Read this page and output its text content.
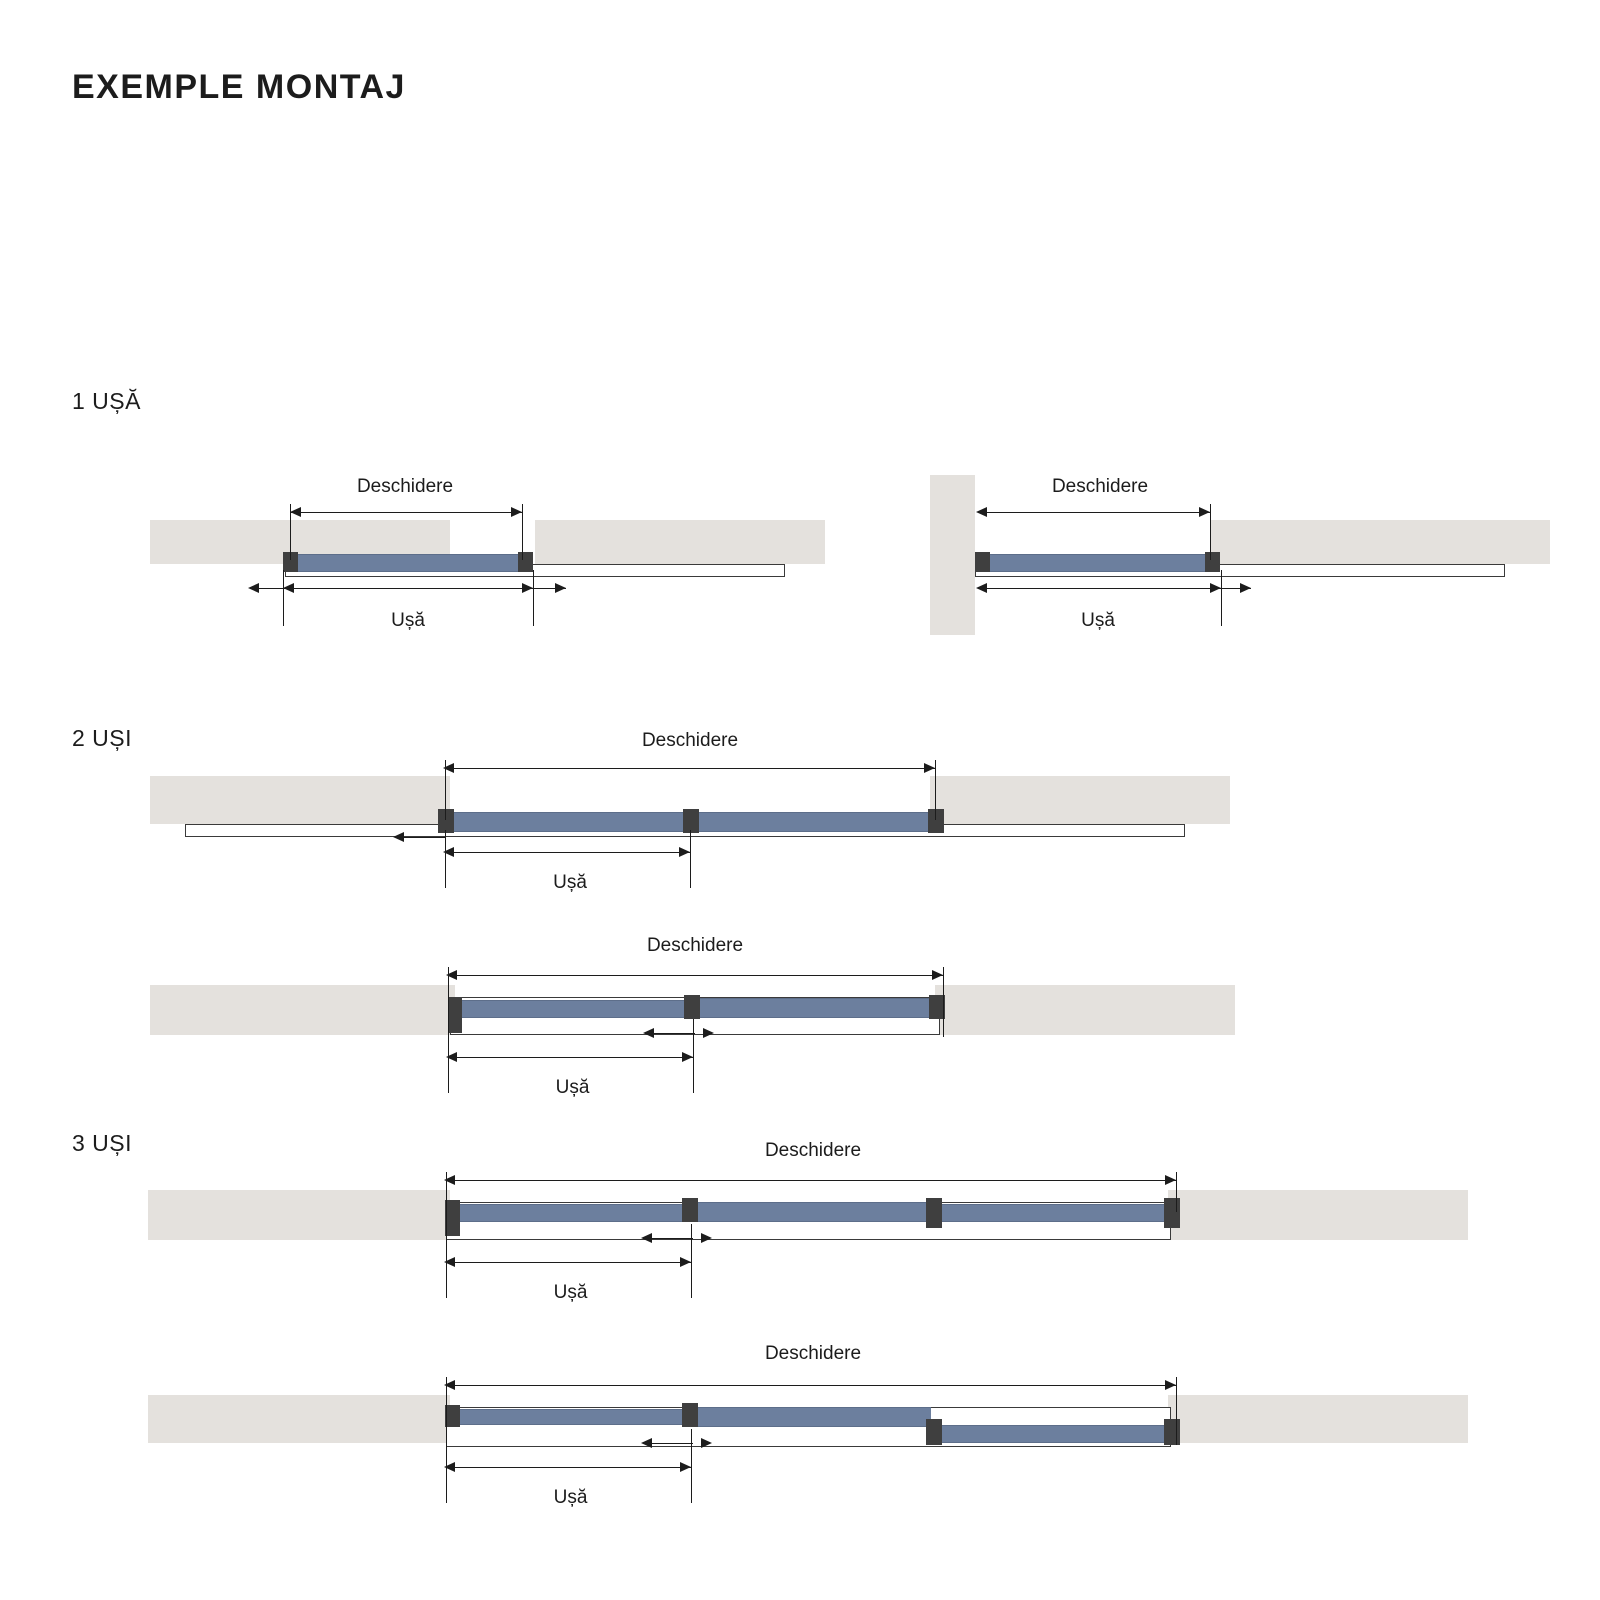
EXEMPLE MONTAJ
1 UȘĂ
Deschidere
Ușă
Deschidere
Ușă
2 UȘI	Deschidere
Ușă
Deschidere
Ușă
3 UȘI	Deschidere
Ușă
Deschidere
Ușă
